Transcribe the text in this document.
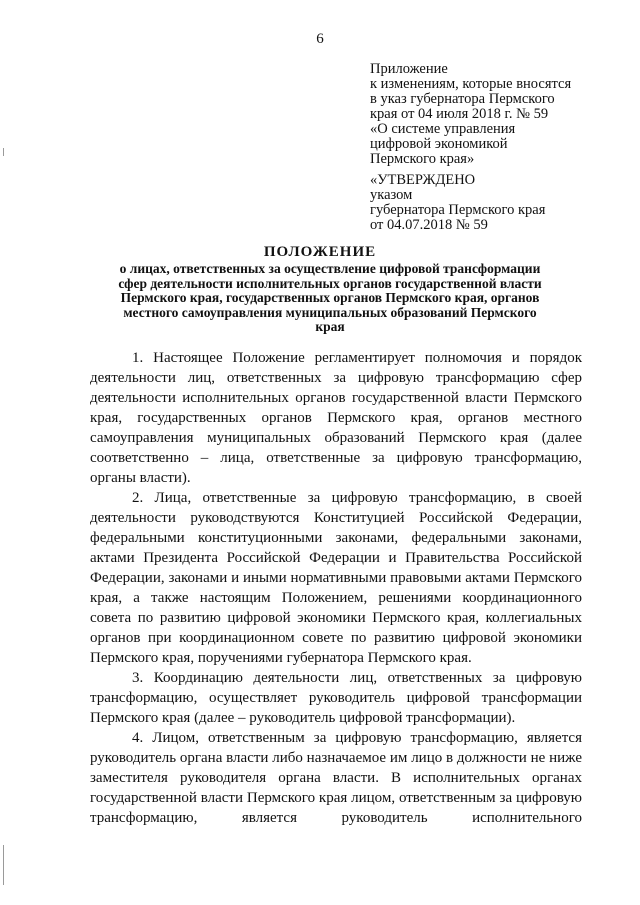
6
Приложение
к изменениям, которые вносятся
в указ губернатора Пермского
края от 04 июля 2018 г. № 59
«О системе управления
цифровой экономикой
Пермского края»
«УТВЕРЖДЕНО
указом
губернатора Пермского края
от 04.07.2018 № 59
ПОЛОЖЕНИЕ
о лицах, ответственных за осуществление цифровой трансформации
сфер деятельности исполнительных органов государственной власти
Пермского края, государственных органов Пермского края, органов
местного самоуправления муниципальных образований Пермского
края

1. Настоящее Положение регламентирует полномочия и порядок деятельности лиц, ответственных за цифровую трансформацию сфер деятельности исполнительных органов государственной власти Пермского края, государственных органов Пермского края, органов местного самоуправления муниципальных образований Пермского края (далее соответственно – лица, ответственные за цифровую трансформацию, органы власти).

2. Лица, ответственные за цифровую трансформацию, в своей деятельности руководствуются Конституцией Российской Федерации, федеральными конституционными законами, федеральными законами, актами Президента Российской Федерации и Правительства Российской Федерации, законами и иными нормативными правовыми актами Пермского края, а также настоящим Положением, решениями координационного совета по развитию цифровой экономики Пермского края, коллегиальных органов при координационном совете по развитию цифровой экономики Пермского края, поручениями губернатора Пермского края.

3. Координацию деятельности лиц, ответственных за цифровую трансформацию, осуществляет руководитель цифровой трансформации Пермского края (далее – руководитель цифровой трансформации).

4. Лицом, ответственным за цифровую трансформацию, является руководитель органа власти либо назначаемое им лицо в должности не ниже заместителя руководителя органа власти. В исполнительных органах государственной власти Пермского края лицом, ответственным за цифровую трансформацию, является руководитель исполнительного
